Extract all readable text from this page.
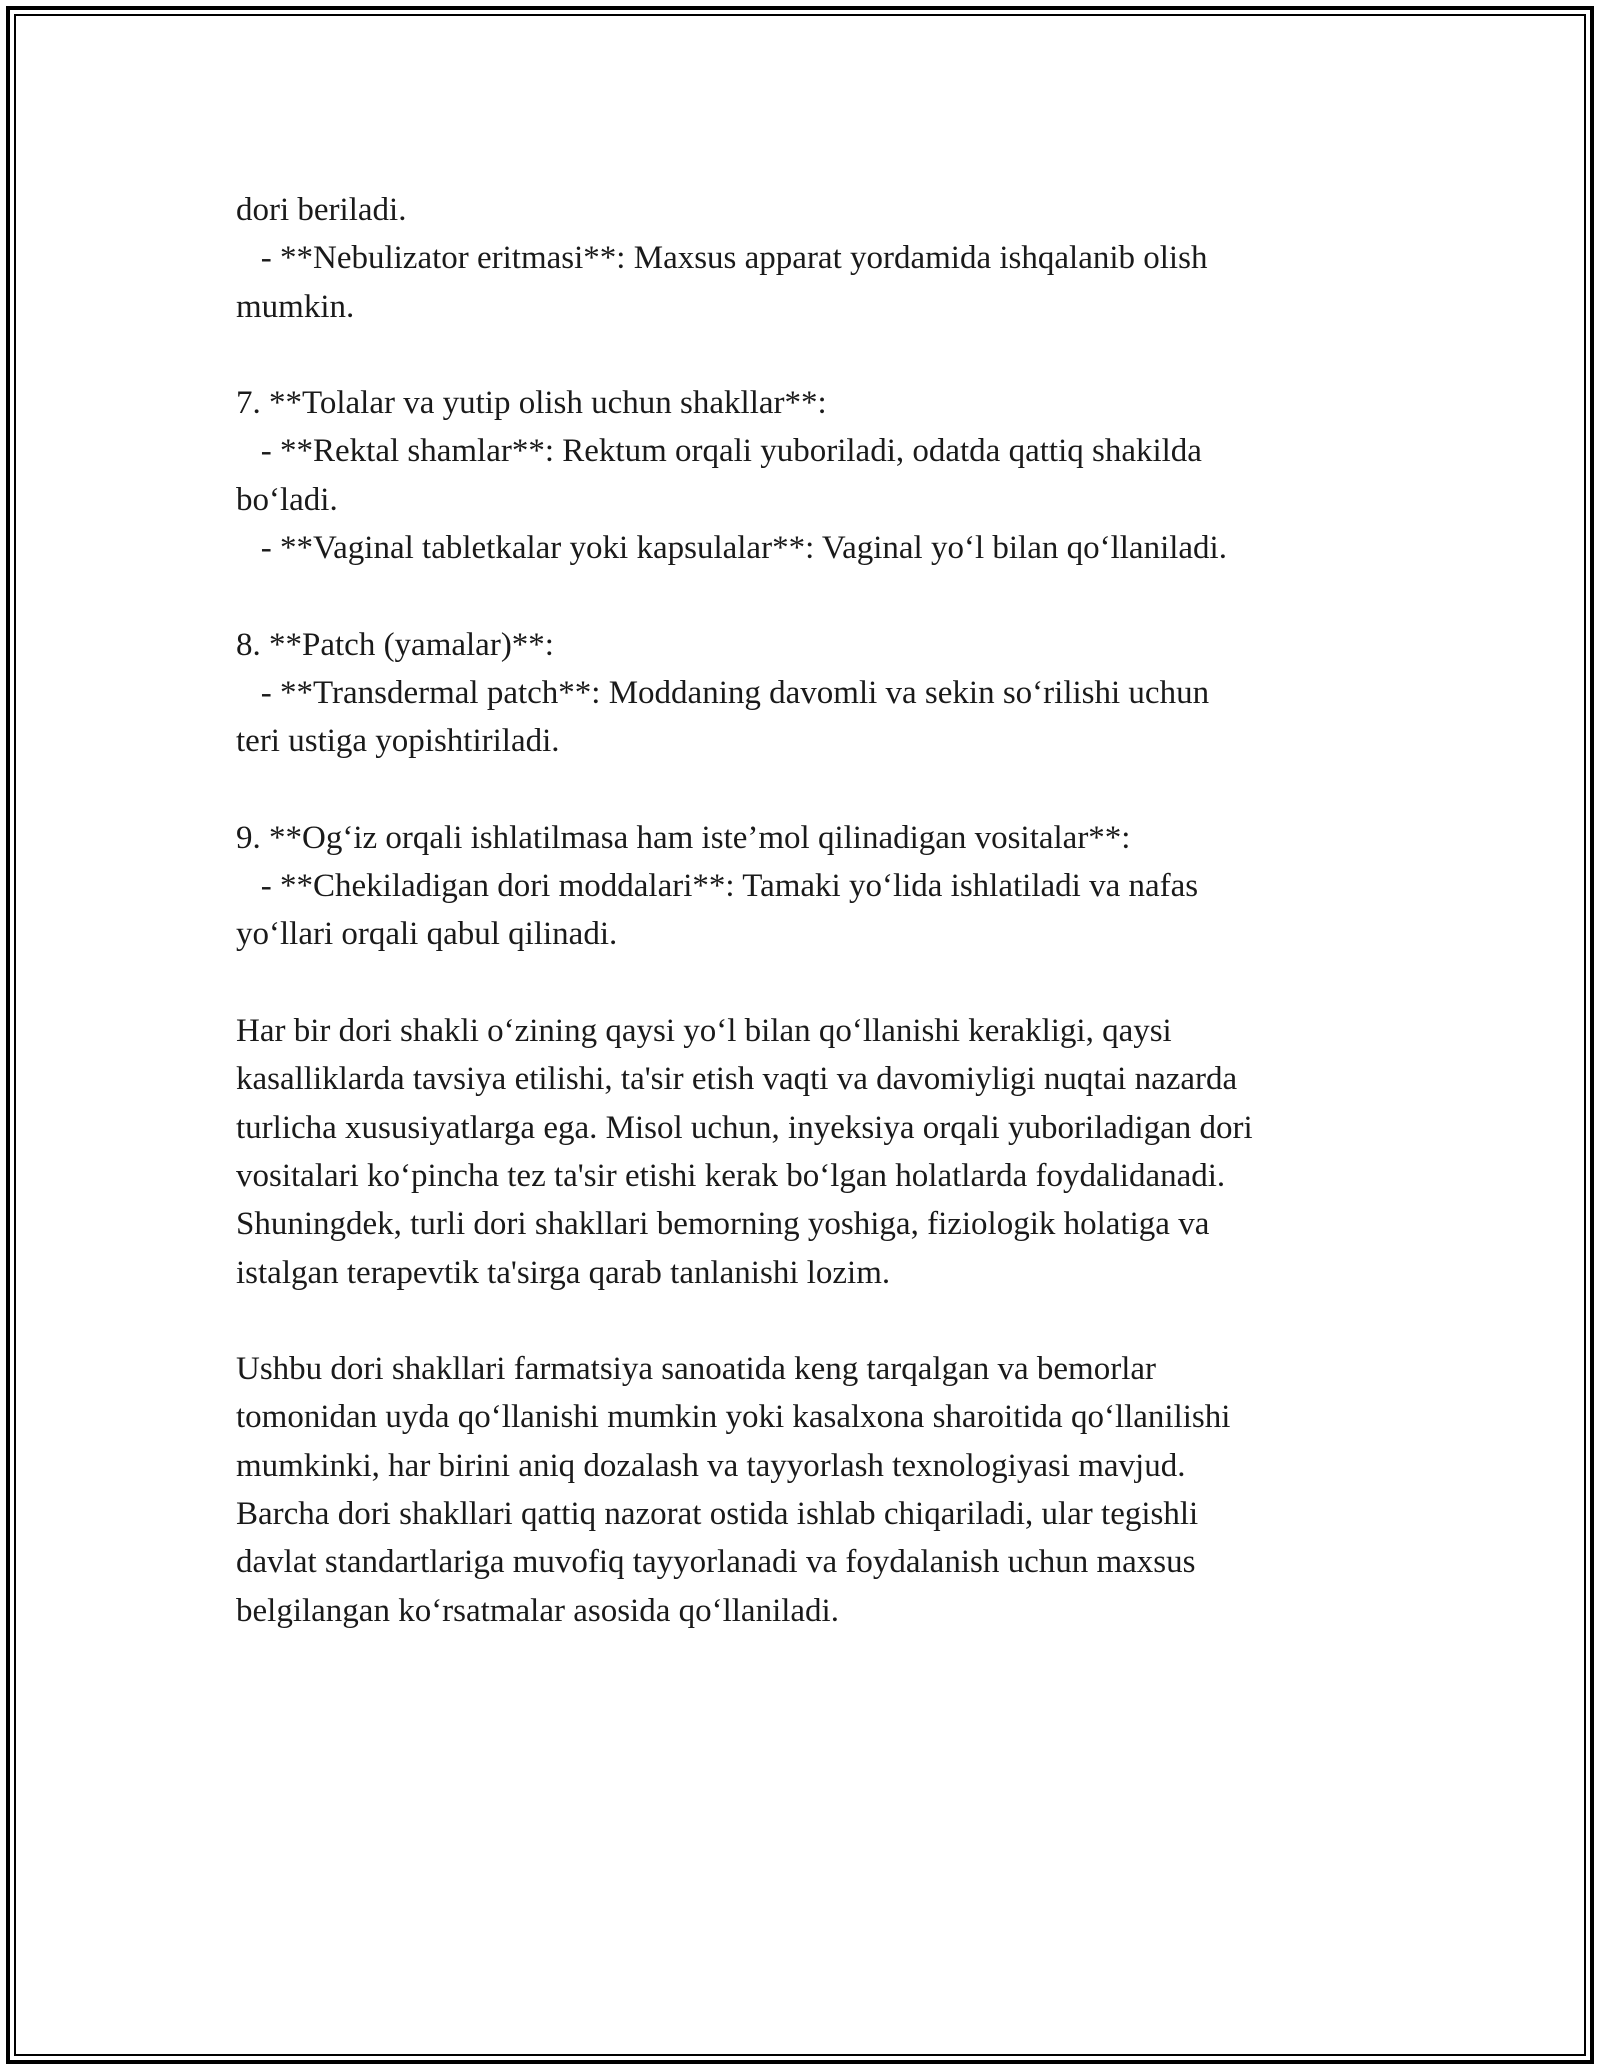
dori beriladi.
- **Nebulizator eritmasi**: Maxsus apparat yordamida ishqalanib olish
mumkin.
7. **Tolalar va yutip olish uchun shakllar**:
- **Rektal shamlar**: Rektum orqali yuboriladi, odatda qattiq shakilda
bo‘ladi.
- **Vaginal tabletkalar yoki kapsulalar**: Vaginal yo‘l bilan qo‘llaniladi.
8. **Patch (yamalar)**:
- **Transdermal patch**: Moddaning davomli va sekin so‘rilishi uchun
teri ustiga yopishtiriladi.
9. **Og‘iz orqali ishlatilmasa ham iste’mol qilinadigan vositalar**:
- **Chekiladigan dori moddalari**: Tamaki yo‘lida ishlatiladi va nafas
yo‘llari orqali qabul qilinadi.
Har bir dori shakli o‘zining qaysi yo‘l bilan qo‘llanishi kerakligi, qaysi
kasalliklarda tavsiya etilishi, ta'sir etish vaqti va davomiyligi nuqtai nazarda
turlicha xususiyatlarga ega. Misol uchun, inyeksiya orqali yuboriladigan dori
vositalari ko‘pincha tez ta'sir etishi kerak bo‘lgan holatlarda foydalidanadi.
Shuningdek, turli dori shakllari bemorning yoshiga, fiziologik holatiga va
istalgan terapevtik ta'sirga qarab tanlanishi lozim.
Ushbu dori shakllari farmatsiya sanoatida keng tarqalgan va bemorlar
tomonidan uyda qo‘llanishi mumkin yoki kasalxona sharoitida qo‘llanilishi
mumkinki, har birini aniq dozalash va tayyorlash texnologiyasi mavjud.
Barcha dori shakllari qattiq nazorat ostida ishlab chiqariladi, ular tegishli
davlat standartlariga muvofiq tayyorlanadi va foydalanish uchun maxsus
belgilangan ko‘rsatmalar asosida qo‘llaniladi.
